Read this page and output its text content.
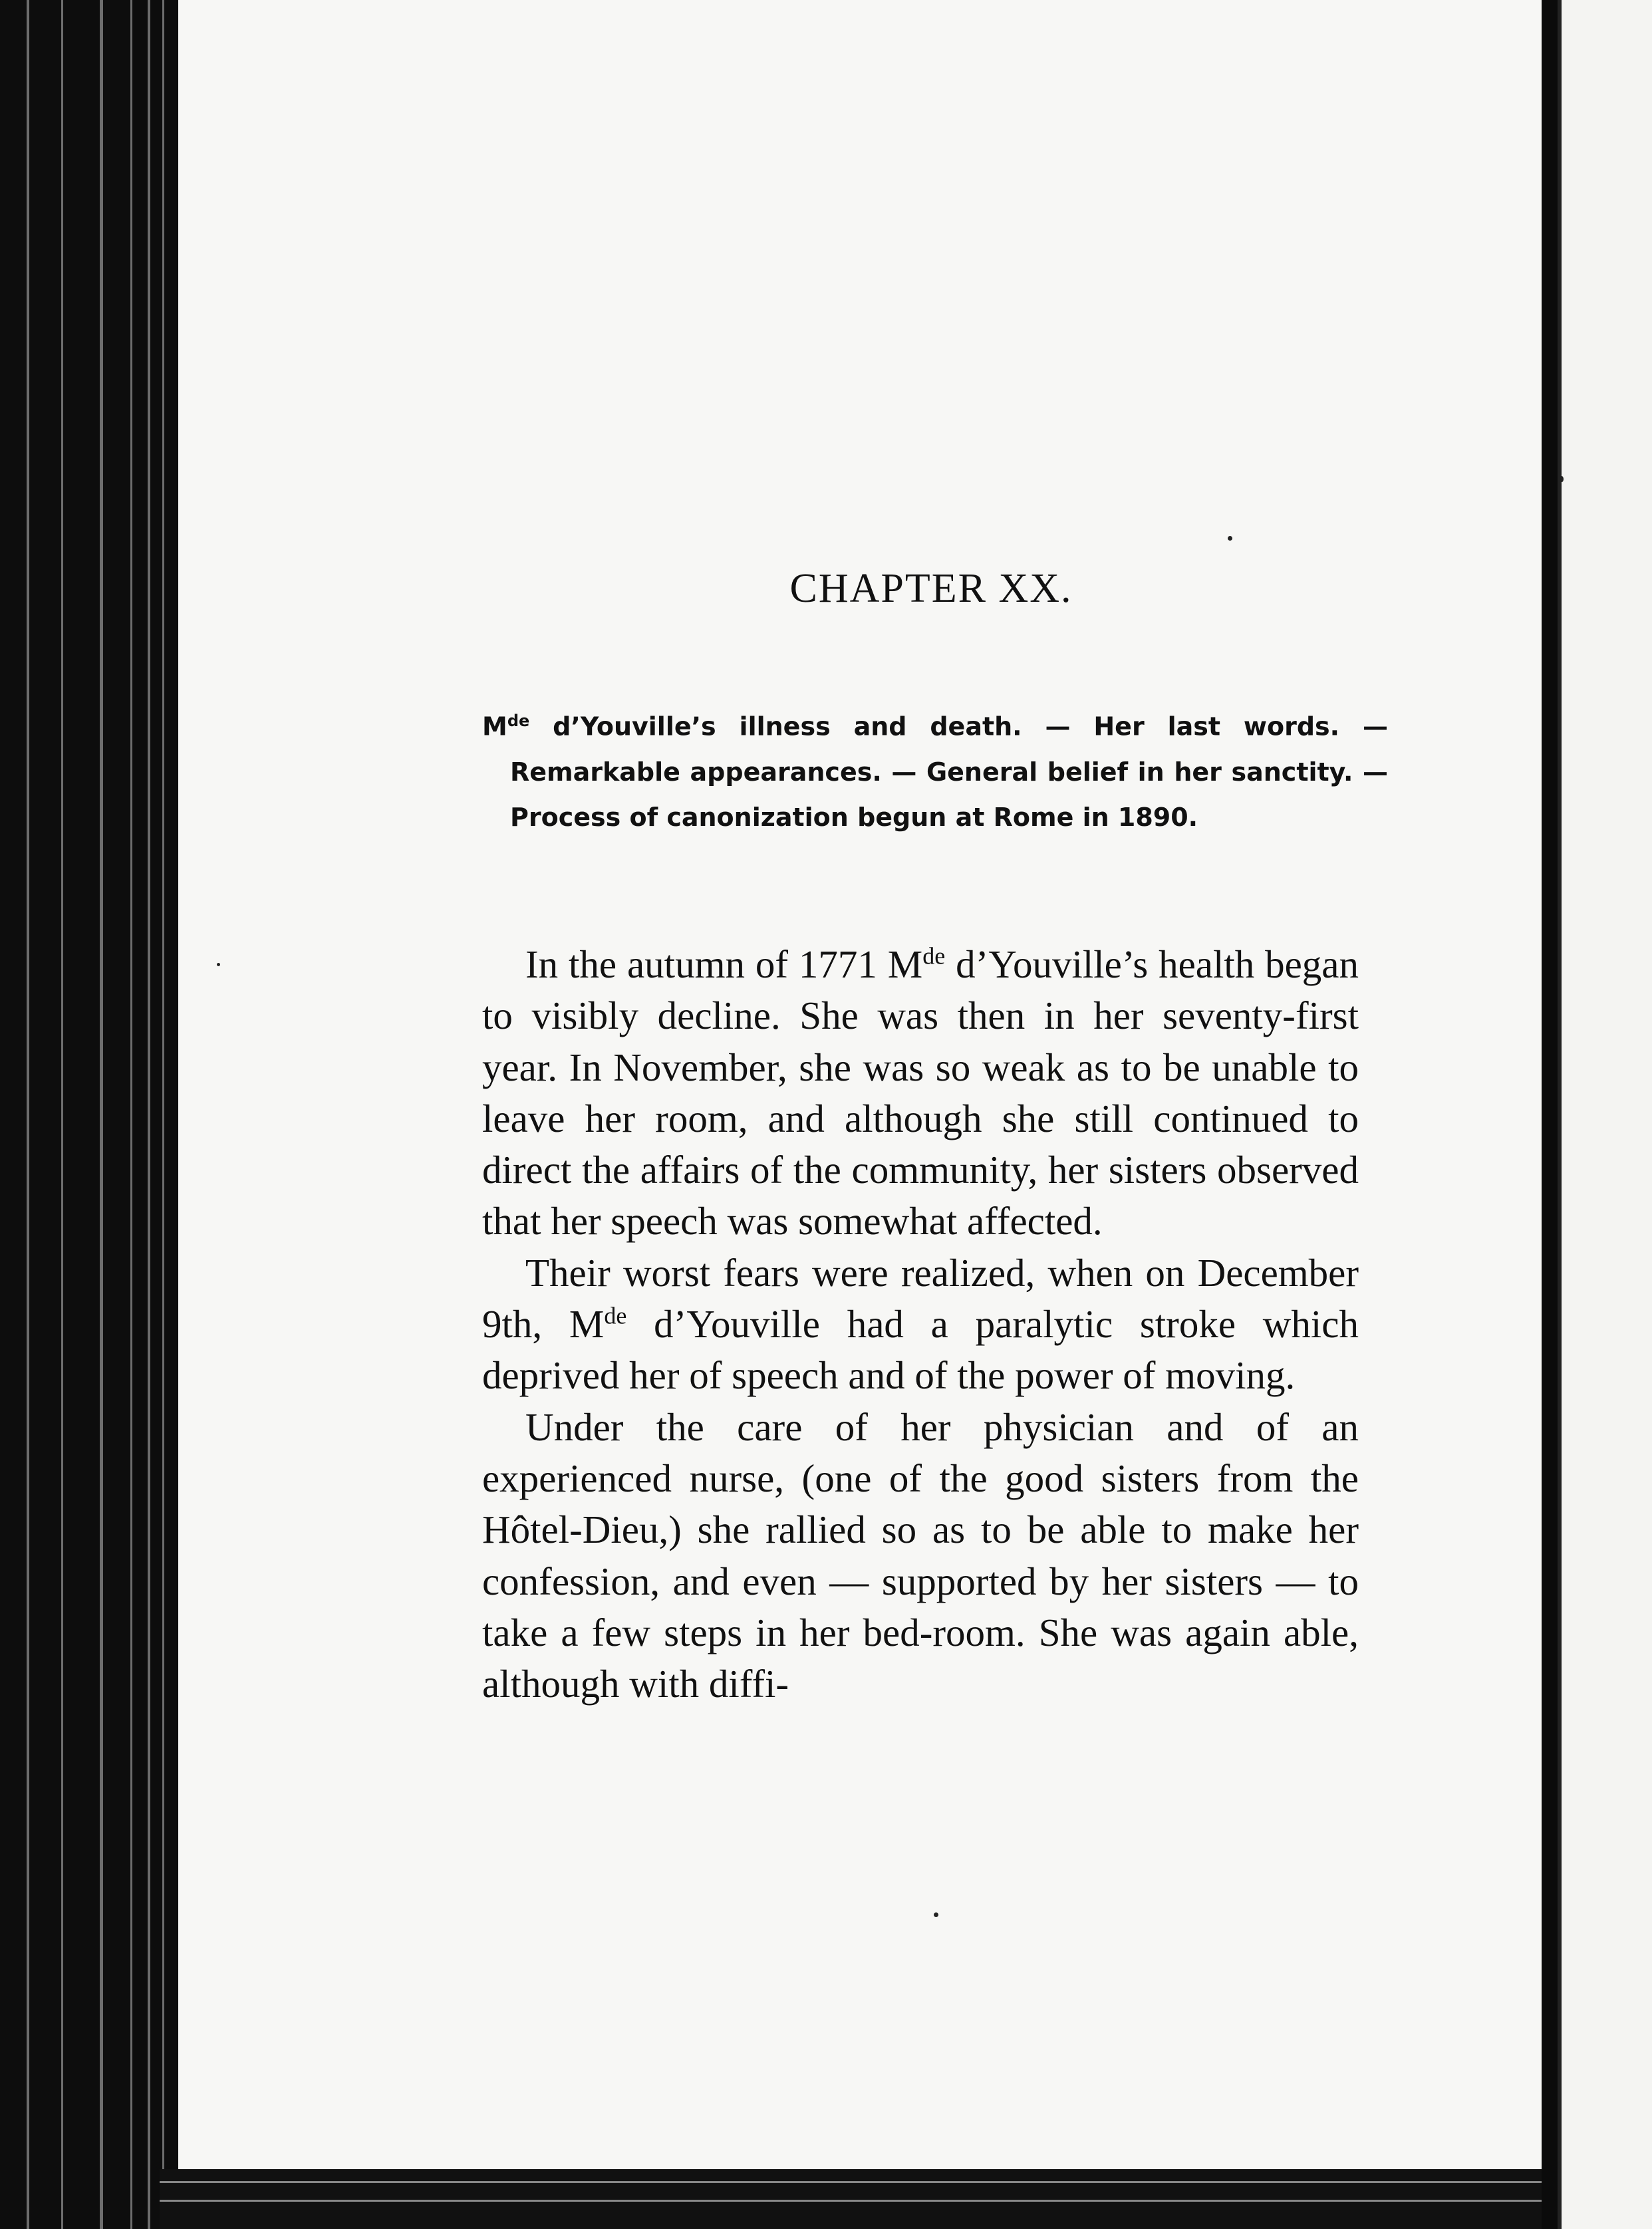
CHAPTER XX.
Mde d’Youville’s illness and death. — Her last words. — Remarkable appearances. — General belief in her sanctity. — Process of canonization begun at Rome in 1890.

In the autumn of 1771 Mde d’Youville’s health began to visibly decline. She was then in her seventy-first year. In November, she was so weak as to be unable to leave her room, and although she still continued to direct the affairs of the community, her sisters observed that her speech was somewhat affected.

Their worst fears were realized, when on December 9th, Mde d’Youville had a paralytic stroke which deprived her of speech and of the power of moving.

Under the care of her physician and of an experienced nurse, (one of the good sisters from the Hôtel-Dieu,) she rallied so as to be able to make her confession, and even — supported by her sisters — to take a few steps in her bed-room. She was again able, although with diffi-
